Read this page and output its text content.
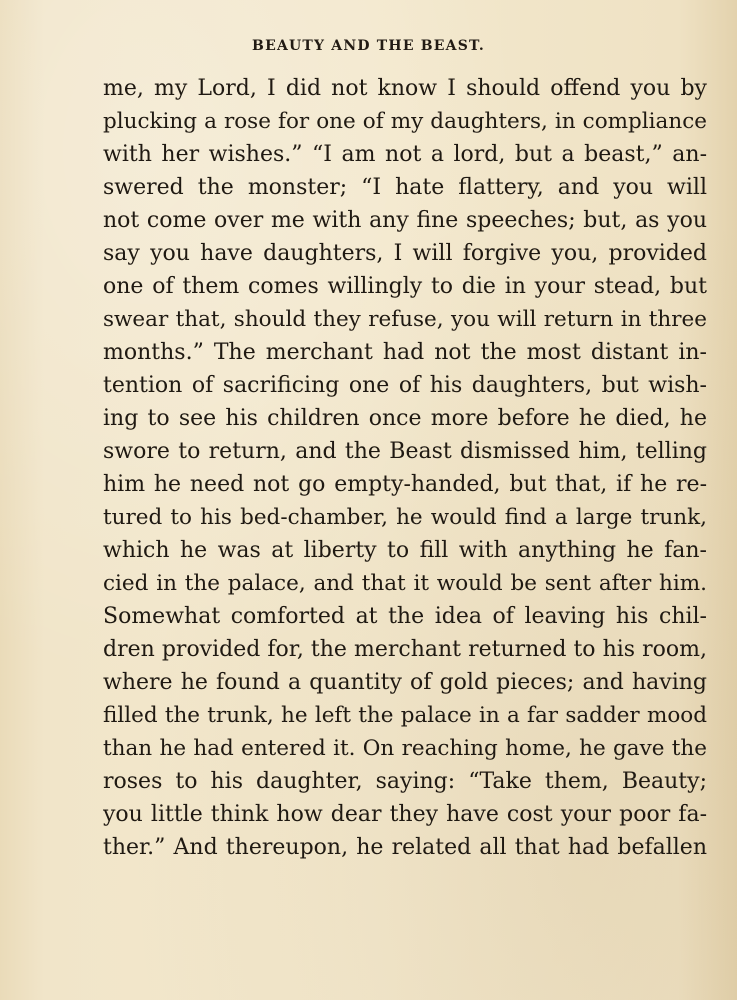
BEAUTY AND THE BEAST.
me, my Lord, I did not know I should offend you by
plucking a rose for one of my daughters, in compliance
with her wishes.” “I am not a lord, but a beast,” an-
swered the monster; “I hate flattery, and you will
not come over me with any fine speeches; but, as you
say you have daughters, I will forgive you, provided
one of them comes willingly to die in your stead, but
swear that, should they refuse, you will return in three
months.” The merchant had not the most distant in-
tention of sacrificing one of his daughters, but wish-
ing to see his children once more before he died, he
swore to return, and the Beast dismissed him, telling
him he need not go empty-handed, but that, if he re-
tured to his bed-chamber, he would find a large trunk,
which he was at liberty to fill with anything he fan-
cied in the palace, and that it would be sent after him.
Somewhat comforted at the idea of leaving his chil-
dren provided for, the merchant returned to his room,
where he found a quantity of gold pieces; and having
filled the trunk, he left the palace in a far sadder mood
than he had entered it. On reaching home, he gave the
roses to his daughter, saying: “Take them, Beauty;
you little think how dear they have cost your poor fa-
ther.” And thereupon, he related all that had befallen
